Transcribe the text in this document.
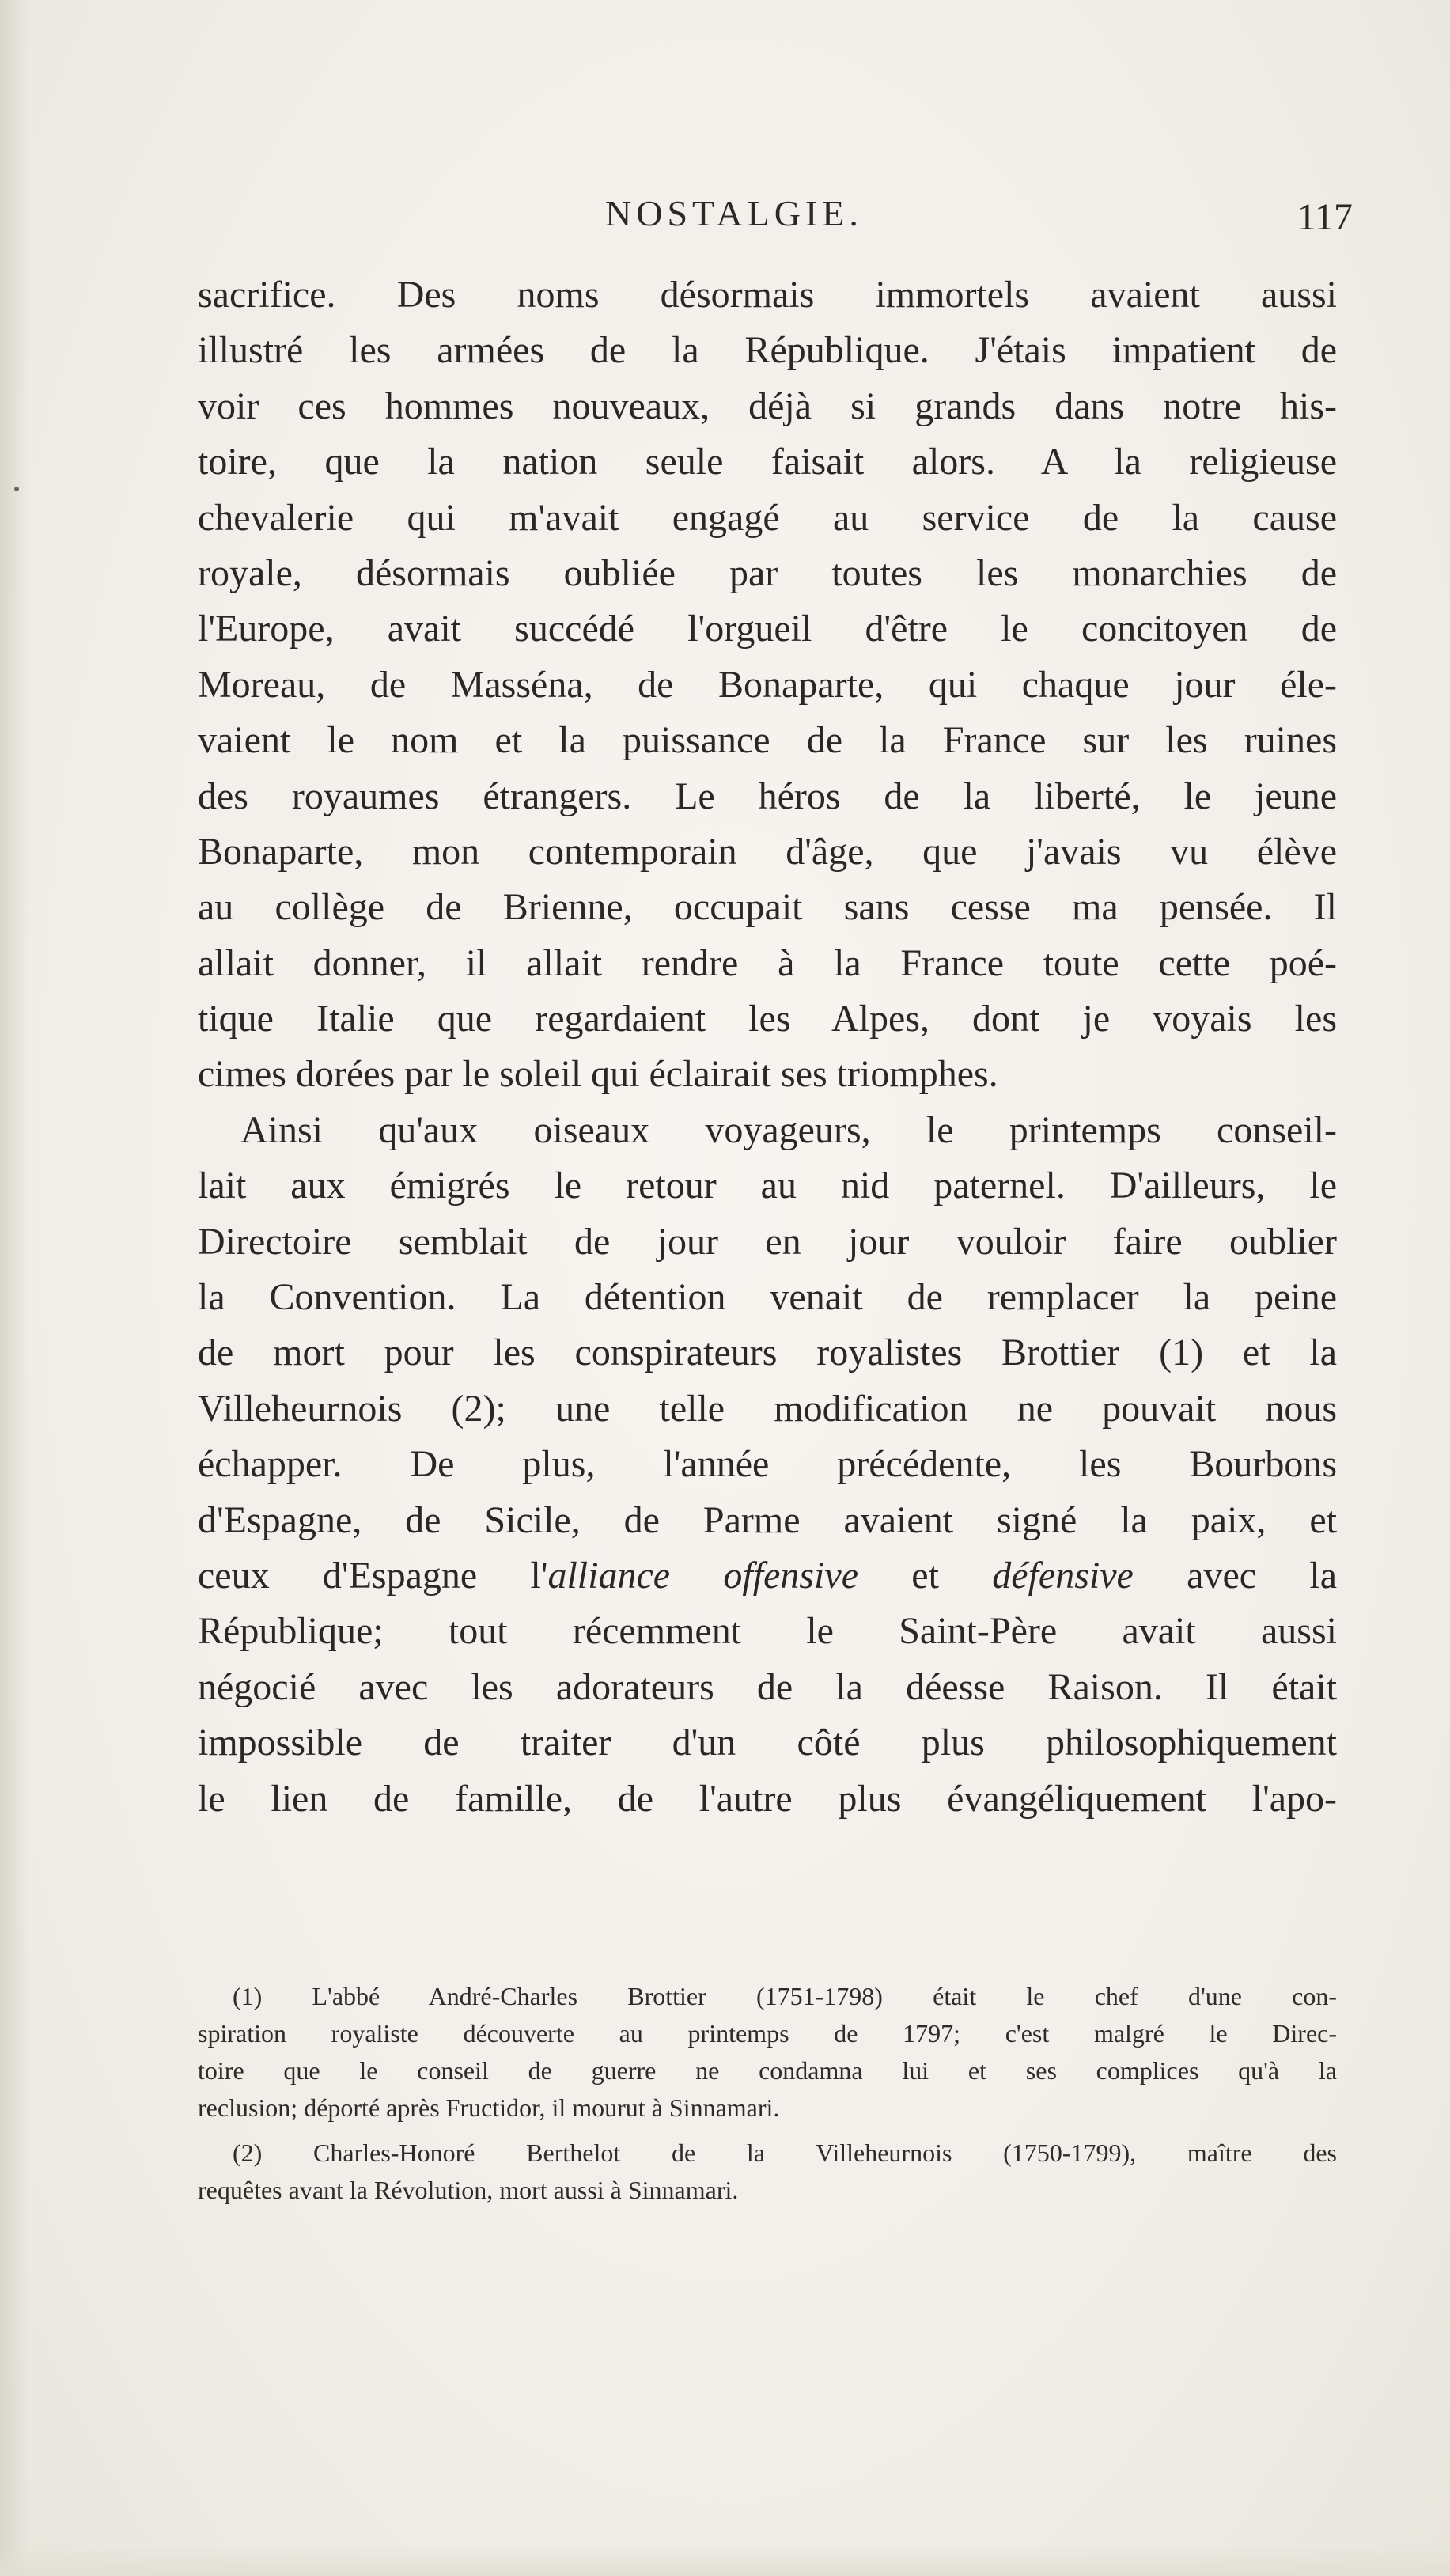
NOSTALGIE.	117
sacrifice. Des noms désormais immortels avaient aussi
illustré les armées de la République. J'étais impatient de
voir ces hommes nouveaux, déjà si grands dans notre his-
toire, que la nation seule faisait alors. A la religieuse
chevalerie qui m'avait engagé au service de la cause
royale, désormais oubliée par toutes les monarchies de
l'Europe, avait succédé l'orgueil d'être le concitoyen de
Moreau, de Masséna, de Bonaparte, qui chaque jour éle-
vaient le nom et la puissance de la France sur les ruines
des royaumes étrangers. Le héros de la liberté, le jeune
Bonaparte, mon contemporain d'âge, que j'avais vu élève
au collège de Brienne, occupait sans cesse ma pensée. Il
allait donner, il allait rendre à la France toute cette poé-
tique Italie que regardaient les Alpes, dont je voyais les
cimes dorées par le soleil qui éclairait ses triomphes.
Ainsi qu'aux oiseaux voyageurs, le printemps conseil-
lait aux émigrés le retour au nid paternel. D'ailleurs, le
Directoire semblait de jour en jour vouloir faire oublier
la Convention. La détention venait de remplacer la peine
de mort pour les conspirateurs royalistes Brottier (1) et la
Villeheurnois (2); une telle modification ne pouvait nous
échapper. De plus, l'année précédente, les Bourbons
d'Espagne, de Sicile, de Parme avaient signé la paix, et
ceux d'Espagne l'alliance offensive et défensive avec la
République; tout récemment le Saint-Père avait aussi
négocié avec les adorateurs de la déesse Raison. Il était
impossible de traiter d'un côté plus philosophiquement
le lien de famille, de l'autre plus évangéliquement l'apo-
(1) L'abbé André-Charles Brottier (1751-1798) était le chef d'une con-
spiration royaliste découverte au printemps de 1797; c'est malgré le Direc-
toire que le conseil de guerre ne condamna lui et ses complices qu'à la
reclusion; déporté après Fructidor, il mourut à Sinnamari.
(2) Charles-Honoré Berthelot de la Villeheurnois (1750-1799), maître des
requêtes avant la Révolution, mort aussi à Sinnamari.
